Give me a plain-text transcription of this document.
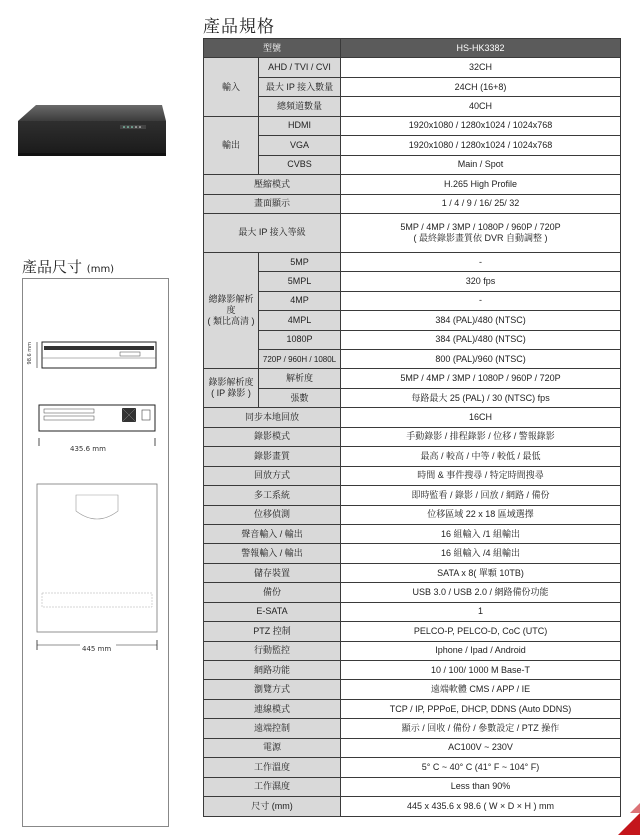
產品規格
產品尺寸 (mm)
98.6 mm
435.6 mm
445 mm
型號		HS-HK3382
輸入	AHD / TVI / CVI	32CH
	最大 IP 接入數量	24CH (16+8)
	總頻道數量	40CH
輸出	HDMI	1920x1080 / 1280x1024 / 1024x768
	VGA	1920x1080 / 1280x1024 / 1024x768
	CVBS	Main / Spot
壓縮模式		H.265 High Profile
畫面顯示		1 / 4 / 9 / 16/ 25/ 32
最大 IP 接入等級		5MP / 4MP / 3MP / 1080P / 960P / 720P
( 最終錄影畫質依 DVR 自動調整 )

總錄影解析度
( 類比高清 )	5MP	-
	5MPL	320 fps
	4MP	-
	4MPL	384 (PAL)/480 (NTSC)
	1080P	384 (PAL)/480 (NTSC)
	720P / 960H / 1080L	800 (PAL)/960 (NTSC)

錄影解析度
( IP 錄影 )	解析度	5MP / 4MP / 3MP / 1080P / 960P / 720P
	張數	每路最大 25 (PAL) / 30 (NTSC) fps
同步本地回放		16CH
錄影模式		手動錄影 / 排程錄影 / 位移 / 警報錄影
錄影畫質		最高 / 較高 / 中等 / 較低 / 最低
回放方式		時間 & 事件搜尋 / 特定時間搜尋
多工系統		即時監看 / 錄影 / 回放 / 網路 / 備份
位移偵測		位移區域 22 x 18 區域選擇
聲音輸入 / 輸出		16 組輸入 /1 組輸出
警報輸入 / 輸出		16 組輸入 /4 組輸出
儲存裝置		SATA x 8( 單顆 10TB)
備份		USB 3.0 / USB 2.0 / 網路備份功能
E-SATA		1
PTZ 控制		PELCO-P, PELCO-D, CoC (UTC)
行動監控		Iphone / Ipad / Android
網路功能		10 / 100/ 1000 M Base-T
瀏覽方式		遠端軟體 CMS / APP / IE
連線模式		TCP / IP, PPPoE, DHCP, DDNS (Auto DDNS)
遠端控制		顯示 / 回收 / 備份 / 參數設定 / PTZ 操作
電源		AC100V ~ 230V
工作溫度		5° C ~ 40° C (41° F ~ 104° F)
工作濕度		Less than 90%
尺寸 (mm)		445 x 435.6 x 98.6 ( W × D × H ) mm
